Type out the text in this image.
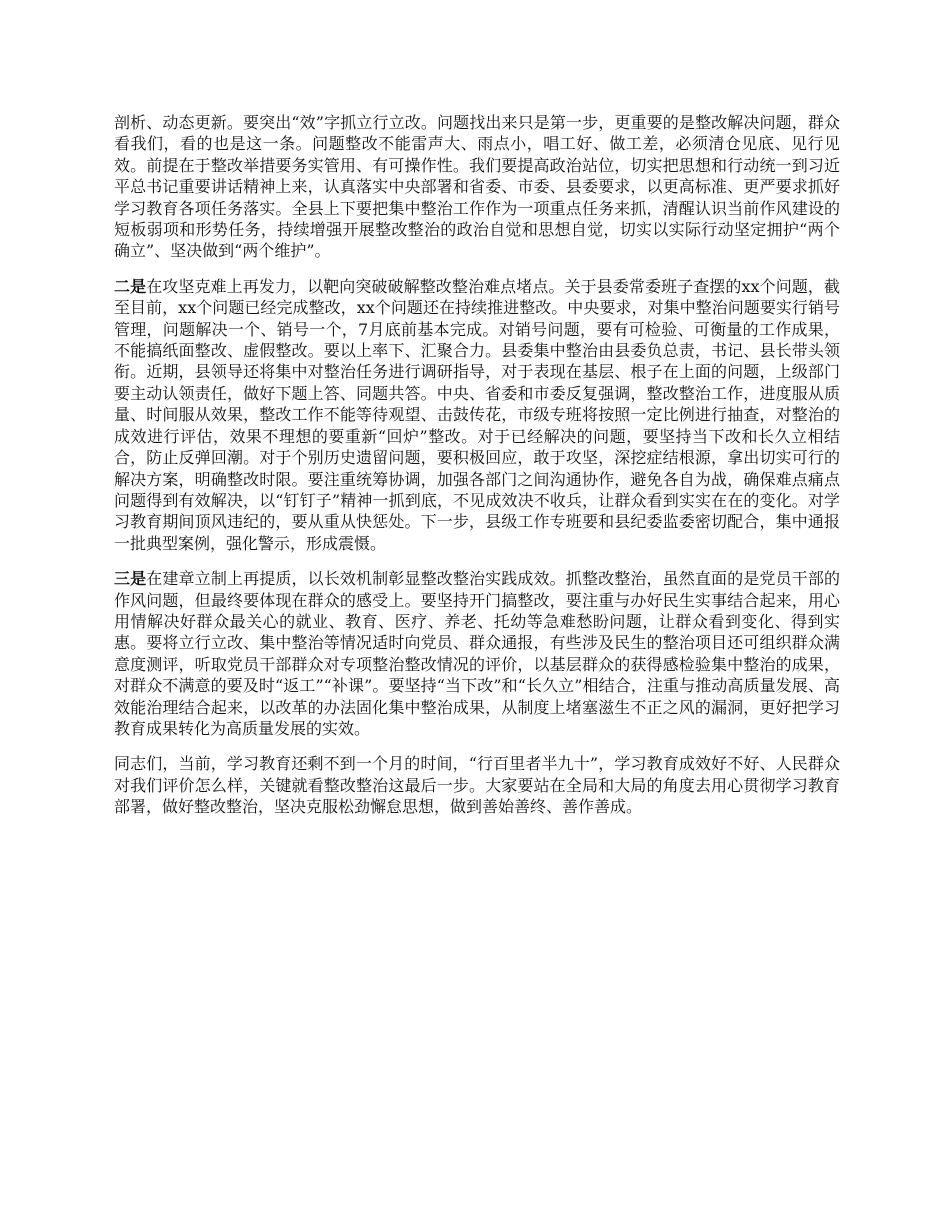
剖析、动态更新。要突出“效”字抓立行立改。问题找出来只是第一步，更重要的是整改解决问题，群众看我们，看的也是这一条。问题整改不能雷声大、雨点小，唱工好、做工差，必须清仓见底、见行见效。前提在于整改举措要务实管用、有可操作性。我们要提高政治站位，切实把思想和行动统一到习近平总书记重要讲话精神上来，认真落实中央部署和省委、市委、县委要求，以更高标准、更严要求抓好学习教育各项任务落实。全县上下要把集中整治工作作为一项重点任务来抓，清醒认识当前作风建设的短板弱项和形势任务，持续增强开展整改整治的政治自觉和思想自觉，切实以实际行动坚定拥护“两个确立”、坚决做到“两个维护”。

二是在攻坚克难上再发力，以靶向突破破解整改整治难点堵点。关于县委常委班子查摆的xx个问题，截至目前，xx个问题已经完成整改，xx个问题还在持续推进整改。中央要求，对集中整治问题要实行销号管理，问题解决一个、销号一个，7月底前基本完成。对销号问题，要有可检验、可衡量的工作成果，不能搞纸面整改、虚假整改。要以上率下、汇聚合力。县委集中整治由县委负总责，书记、县长带头领衔。近期，县领导还将集中对整治任务进行调研指导，对于表现在基层、根子在上面的问题，上级部门要主动认领责任，做好下题上答、同题共答。中央、省委和市委反复强调，整改整治工作，进度服从质量、时间服从效果，整改工作不能等待观望、击鼓传花，市级专班将按照一定比例进行抽查，对整治的成效进行评估，效果不理想的要重新“回炉”整改。对于已经解决的问题，要坚持当下改和长久立相结合，防止反弹回潮。对于个别历史遗留问题，要积极回应，敢于攻坚，深挖症结根源，拿出切实可行的解决方案，明确整改时限。要注重统筹协调，加强各部门之间沟通协作，避免各自为战，确保难点痛点问题得到有效解决，以“钉钉子”精神一抓到底，不见成效决不收兵，让群众看到实实在在的变化。对学习教育期间顶风违纪的，要从重从快惩处。下一步，县级工作专班要和县纪委监委密切配合，集中通报一批典型案例，强化警示，形成震慑。

三是在建章立制上再提质，以长效机制彰显整改整治实践成效。抓整改整治，虽然直面的是党员干部的作风问题，但最终要体现在群众的感受上。要坚持开门搞整改，要注重与办好民生实事结合起来，用心用情解决好群众最关心的就业、教育、医疗、养老、托幼等急难愁盼问题，让群众看到变化、得到实惠。要将立行立改、集中整治等情况适时向党员、群众通报，有些涉及民生的整治项目还可组织群众满意度测评，听取党员干部群众对专项整治整改情况的评价，以基层群众的获得感检验集中整治的成果，对群众不满意的要及时“返工”“补课”。要坚持“当下改”和“长久立”相结合，注重与推动高质量发展、高效能治理结合起来，以改革的办法固化集中整治成果，从制度上堵塞滋生不正之风的漏洞，更好把学习教育成果转化为高质量发展的实效。

同志们，当前，学习教育还剩不到一个月的时间，“行百里者半九十”，学习教育成效好不好、人民群众对我们评价怎么样，关键就看整改整治这最后一步。大家要站在全局和大局的角度去用心贯彻学习教育部署，做好整改整治，坚决克服松劲懈怠思想，做到善始善终、善作善成。
